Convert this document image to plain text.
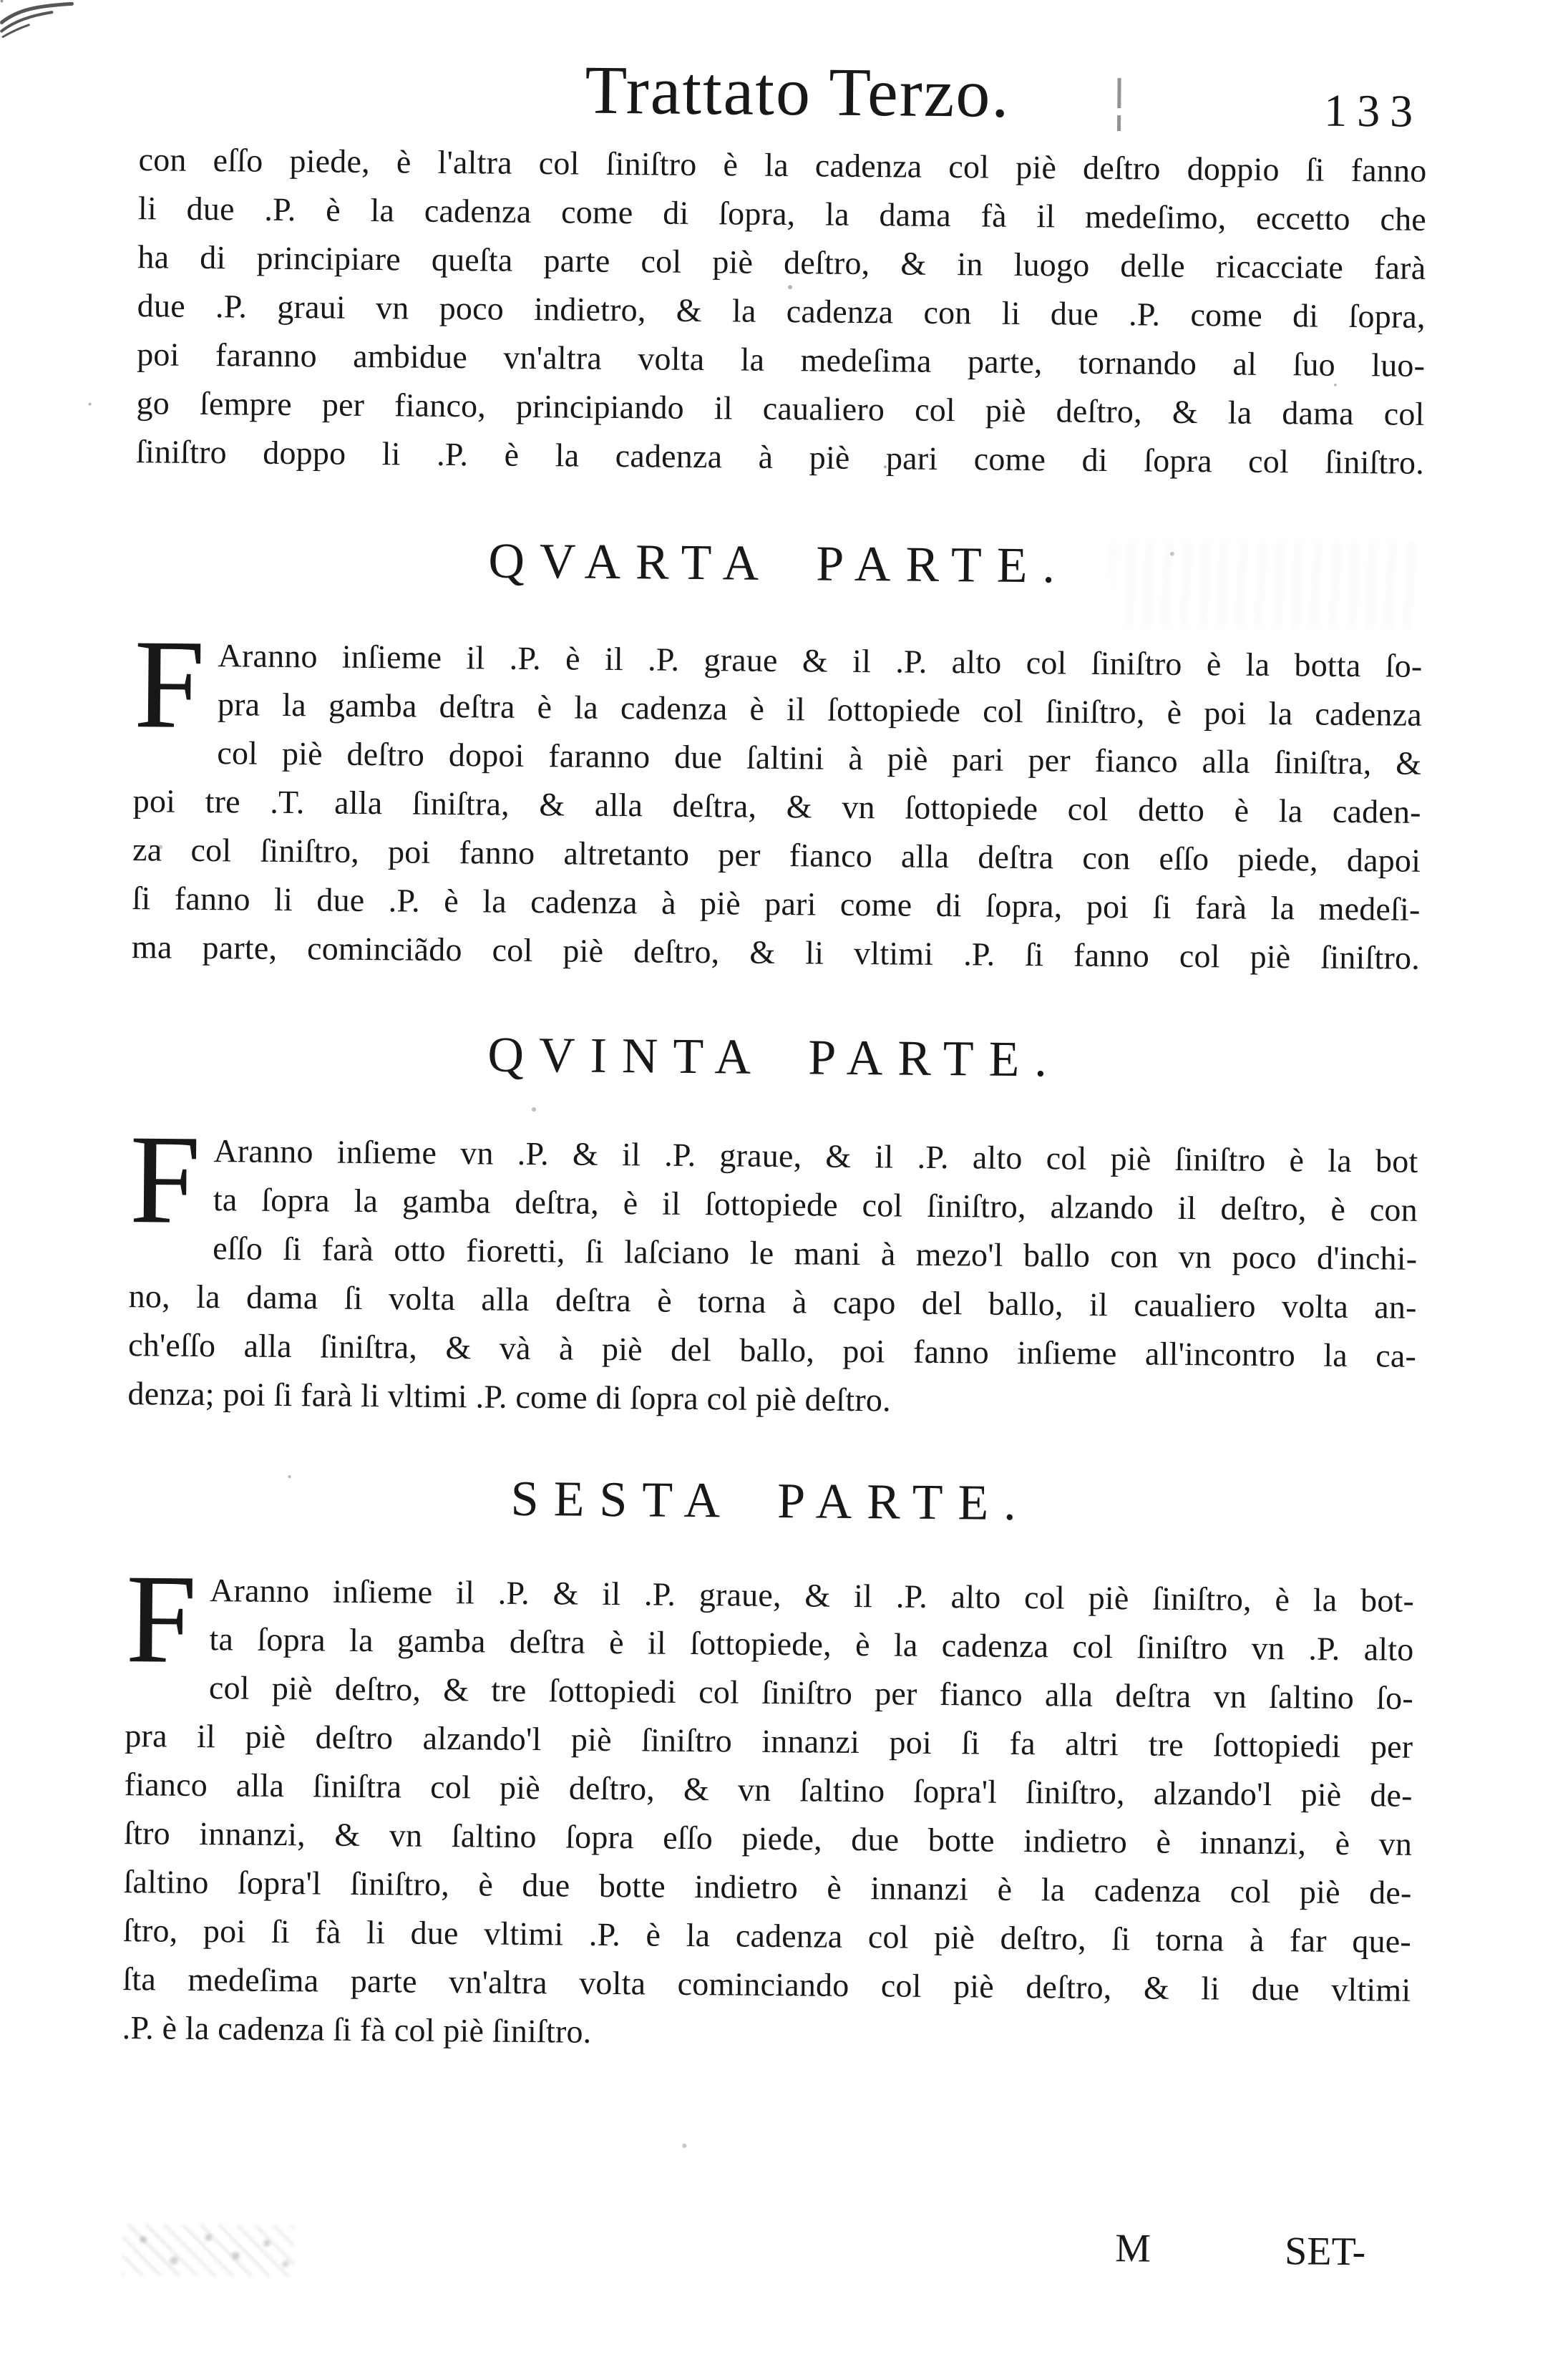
Trattato Terzo.	133
con eſſo piede, è l'altra col ſiniſtro è la cadenza col piè deſtro doppio ſi fanno
li due .P. è la cadenza come di ſopra, la dama fà il medeſimo, eccetto che
ha di principiare queſta parte col piè deſtro, & in luogo delle ricacciate farà
due .P. graui vn poco indietro, & la cadenza con li due .P. come di ſopra,
poi faranno ambidue vn'altra volta la medeſima parte, tornando al ſuo luo-
go ſempre per fianco, principiando il caualiero col piè deſtro, & la dama col
ſiniſtro doppo li .P. è la cadenza à piè pari come di ſopra col ſiniſtro.
QVARTA PARTE.
F Aranno inſieme il .P. è il .P. graue & il .P. alto col ſiniſtro è la botta ſo-
pra la gamba deſtra è la cadenza è il ſottopiede col ſiniſtro, è poi la cadenza
col piè deſtro dopoi faranno due ſaltini à piè pari per fianco alla ſiniſtra, &
poi tre .T. alla ſiniſtra, & alla deſtra, & vn ſottopiede col detto è la caden-
za col ſiniſtro, poi fanno altretanto per fianco alla deſtra con eſſo piede, dapoi
ſi fanno li due .P. è la cadenza à piè pari come di ſopra, poi ſi farà la medeſi-
ma parte, cominciãdo col piè deſtro, & li vltimi .P. ſi fanno col piè ſiniſtro.
QVINTA PARTE.
F Aranno inſieme vn .P. & il .P. graue, & il .P. alto col piè ſiniſtro è la bot
ta ſopra la gamba deſtra, è il ſottopiede col ſiniſtro, alzando il deſtro, è con
eſſo ſi farà otto fioretti, ſi laſciano le mani à mezo'l ballo con vn poco d'inchi-
no, la dama ſi volta alla deſtra è torna à capo del ballo, il caualiero volta an-
ch'eſſo alla ſiniſtra, & và à piè del ballo, poi fanno inſieme all'incontro la ca-
denza; poi ſi farà li vltimi .P. come di ſopra col piè deſtro.
SESTA PARTE.
F Aranno inſieme il .P. & il .P. graue, & il .P. alto col piè ſiniſtro, è la bot-
ta ſopra la gamba deſtra è il ſottopiede, è la cadenza col ſiniſtro vn .P. alto
col piè deſtro, & tre ſottopiedi col ſiniſtro per fianco alla deſtra vn ſaltino ſo-
pra il piè deſtro alzando'l piè ſiniſtro innanzi poi ſi fa altri tre ſottopiedi per
fianco alla ſiniſtra col piè deſtro, & vn ſaltino ſopra'l ſiniſtro, alzando'l piè de-
ſtro innanzi, & vn ſaltino ſopra eſſo piede, due botte indietro è innanzi, è vn
ſaltino ſopra'l ſiniſtro, è due botte indietro è innanzi è la cadenza col piè de-
ſtro, poi ſi fà li due vltimi .P. è la cadenza col piè deſtro, ſi torna à far que-
ſta medeſima parte vn'altra volta cominciando col piè deſtro, & li due vltimi
.P. è la cadenza ſi fà col piè ſiniſtro.
M	SET-
